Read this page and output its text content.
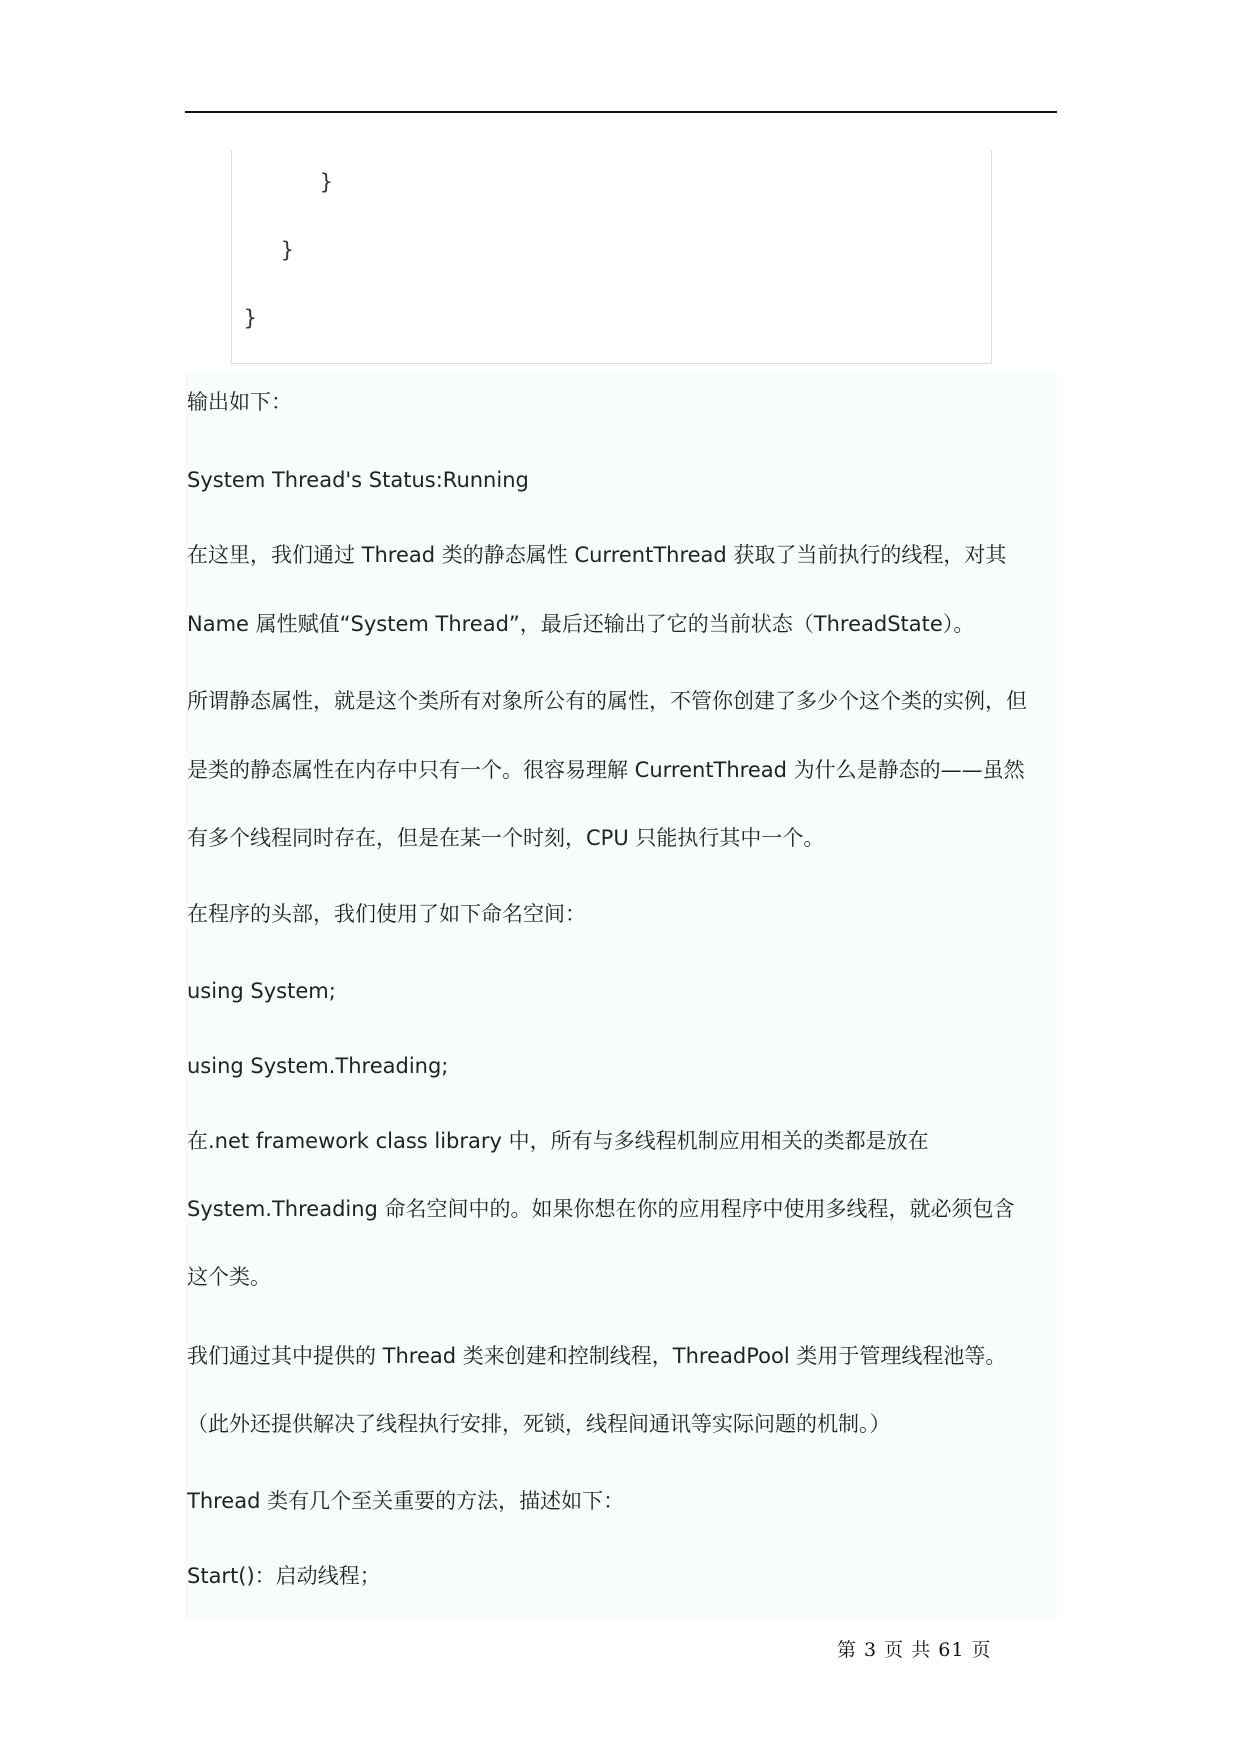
}
}
}
输出如下：
System Thread's Status:Running
在这里，我们通过 Thread 类的静态属性 CurrentThread 获取了当前执行的线程，对其
Name 属性赋值“System Thread”，最后还输出了它的当前状态（ThreadState）。
所谓静态属性，就是这个类所有对象所公有的属性，不管你创建了多少个这个类的实例，但
是类的静态属性在内存中只有一个。很容易理解 CurrentThread 为什么是静态的——虽然
有多个线程同时存在，但是在某一个时刻，CPU 只能执行其中一个。
在程序的头部，我们使用了如下命名空间：
using System;
using System.Threading;
在.net framework class library 中，所有与多线程机制应用相关的类都是放在
System.Threading 命名空间中的。如果你想在你的应用程序中使用多线程，就必须包含
这个类。
我们通过其中提供的 Thread 类来创建和控制线程，ThreadPool 类用于管理线程池等。
（此外还提供解决了线程执行安排，死锁，线程间通讯等实际问题的机制。）
Thread 类有几个至关重要的方法，描述如下：
Start()：启动线程；
第 3 页 共 61 页
